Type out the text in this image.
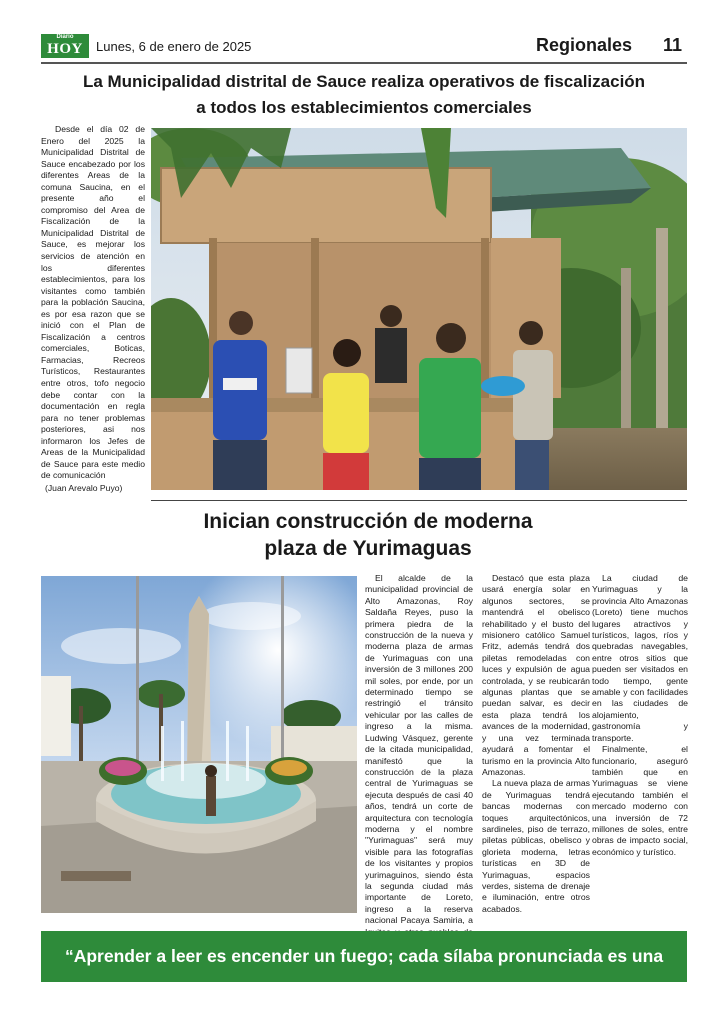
Diario
HOY	Lunes, 6 de enero de 2025	Regionales 11
La Municipalidad distrital de Sauce realiza operativos de fiscalización
a todos los establecimientos comerciales

Desde el día 02 de Enero del 2025 la Municipalidad Distrital de Sauce encabezado por los diferentes Areas de la comuna Saucina, en el presente año el compromiso del Area de Fiscalización de la Municipalidad Distrital de Sauce, es mejorar los servicios de atención en los diferentes establecimientos, para los visitantes como también para la población Saucina, es por esa razon que se inició con el Plan de Fiscalización a centros comerciales, Boticas, Farmacias, Recreos Turísticos, Restaurantes entre otros, tofo negocio debe contar con la documentación en regla para no tener problemas posteriores, asi nos informaron los Jefes de Areas de la Municipalidad de Sauce para este medio de comunicación

(Juan Arevalo Puyo)
Inician construcción de moderna
plaza de Yurimaguas

El alcalde de la municipalidad provincial de Alto Amazonas, Roy Saldaña Reyes, puso la primera piedra de la construcción de la nueva y moderna plaza de armas de Yurimaguas con una inversión de 3 millones 200 mil soles, por ende, por un determinado tiempo se restringió el tránsito vehicular por las calles de ingreso a la misma. Ludwing Vásquez, gerente de la citada municipalidad, manifestó que la construcción de la plaza central de Yurimaguas se ejecuta después de casi 40 años, tendrá un corte de arquitectura con tecnología moderna y el nombre "Yurimaguas" será muy visible para las fotografías de los visitantes y propios yurimaguinos, siendo ésta la segunda ciudad más importante de Loreto, ingreso a la reserva nacional Pacaya Samiria, a

Destacó que esta plaza usará energía solar en algunos sectores, se mantendrá el obelisco rehabilitado y el busto del misionero católico Samuel Fritz, además tendrá dos piletas remodeladas con luces y expulsión de agua controlada, y se reubicarán algunas plantas que se puedan salvar, es decir esta plaza tendrá los avances de la modernidad, y una vez terminada ayudará a fomentar el turismo en la provincia Alto Amazonas.

La nueva plaza de armas de Yurimaguas tendrá bancas modernas con toques arquitectónicos, sardineles, piso de terrazo, piletas públicas, obelisco y glorieta moderna, letras turísticas en 3D de Yurimaguas, espacios verdes, sistema de drenaje e iluminación, entre otros acabados.

La ciudad de Yurimaguas y la provincia Alto Amazonas (Loreto) tiene muchos lugares atractivos y turísticos, lagos, ríos y quebradas navegables, entre otros sitios que pueden ser visitados en todo tiempo, gente amable y con facilidades en las ciudades de alojamiento, gastronomía y transporte.

Finalmente, el funcionario, aseguró también que en Yurimaguas se viene ejecutando también el mercado moderno con una inversión de 72 millones de soles, entre obras de impacto social, económico y turístico.

“Aprender a leer es encender un fuego; cada sílaba pronunciada es una chispa”.
